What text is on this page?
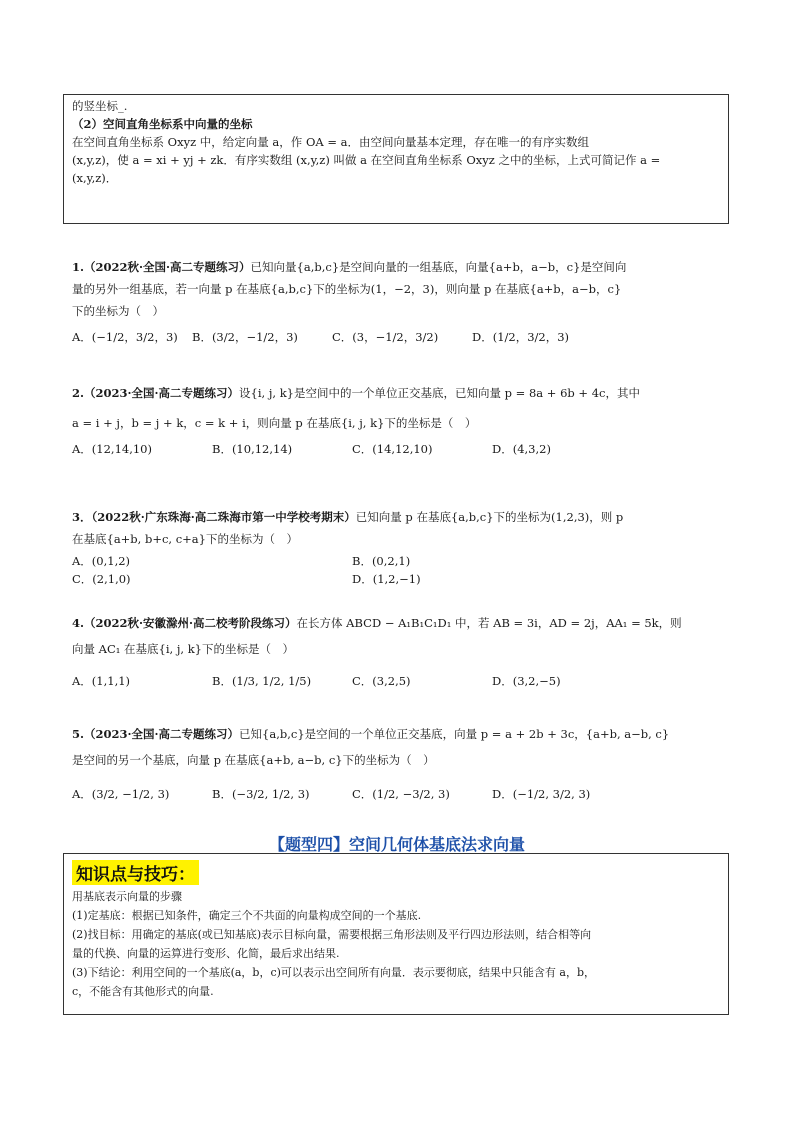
的竖坐标_.

（2）空间直角坐标系中向量的坐标

在空间直角坐标系 Oxyz 中，给定向量 a，作 OA = a．由空间向量基本定理，存在唯一的有序实数组

(x,y,z)，使 a = xi + yj + zk．有序实数组 (x,y,z) 叫做 a 在空间直角坐标系 Oxyz 之中的坐标，上式可简记作 a =

(x,y,z)．

1.（2022秋·全国·高二专题练习）已知向量{a,b,c}是空间向量的一组基底，向量{a+b，a−b，c}是空间向

量的另外一组基底，若一向量 p 在基底{a,b,c}下的坐标为(1，−2，3)，则向量 p 在基底{a+b，a−b，c}

下的坐标为（　）

A．(−1/2，3/2，3)	B．(3/2，−1/2，3)	C．(3，−1/2，3/2)	D．(1/2，3/2，3)

2.（2023·全国·高二专题练习）设{i, j, k}是空间中的一个单位正交基底，已知向量 p = 8a + 6b + 4c，其中

a = i + j，b = j + k，c = k + i，则向量 p 在基底{i, j, k}下的坐标是（　）

A．(12,14,10)	B．(10,12,14)	C．(14,12,10)	D．(4,3,2)

3．（2022秋·广东珠海·高二珠海市第一中学校考期末）已知向量 p 在基底{a,b,c}下的坐标为(1,2,3)，则 p

在基底{a+b, b+c, c+a}下的坐标为（　）

A．(0,1,2)	B．(0,2,1)
C．(2,1,0)	D．(1,2,−1)

4.（2022秋·安徽滁州·高二校考阶段练习）在长方体 ABCD − A₁B₁C₁D₁ 中，若 AB = 3i，AD = 2j，AA₁ = 5k，则

向量 AC₁ 在基底{i, j, k}下的坐标是（　）

A．(1,1,1)	B．(1/3, 1/2, 1/5)	C．(3,2,5)	D．(3,2,−5)

5.（2023·全国·高二专题练习）已知{a,b,c}是空间的一个单位正交基底，向量 p = a + 2b + 3c，{a+b, a−b, c}

是空间的另一个基底，向量 p 在基底{a+b, a−b, c}下的坐标为（　）

A．(3/2, −1/2, 3)	B．(−3/2, 1/2, 3)	C．(1/2, −3/2, 3)	D．(−1/2, 3/2, 3)
【题型四】空间几何体基底法求向量
知识点与技巧：

用基底表示向量的步骤

(1)定基底：根据已知条件，确定三个不共面的向量构成空间的一个基底.

(2)找目标：用确定的基底(或已知基底)表示目标向量，需要根据三角形法则及平行四边形法则，结合相等向

量的代换、向量的运算进行变形、化简，最后求出结果.

(3)下结论：利用空间的一个基底(a，b，c)可以表示出空间所有向量．表示要彻底，结果中只能含有 a，b，

c，不能含有其他形式的向量.
